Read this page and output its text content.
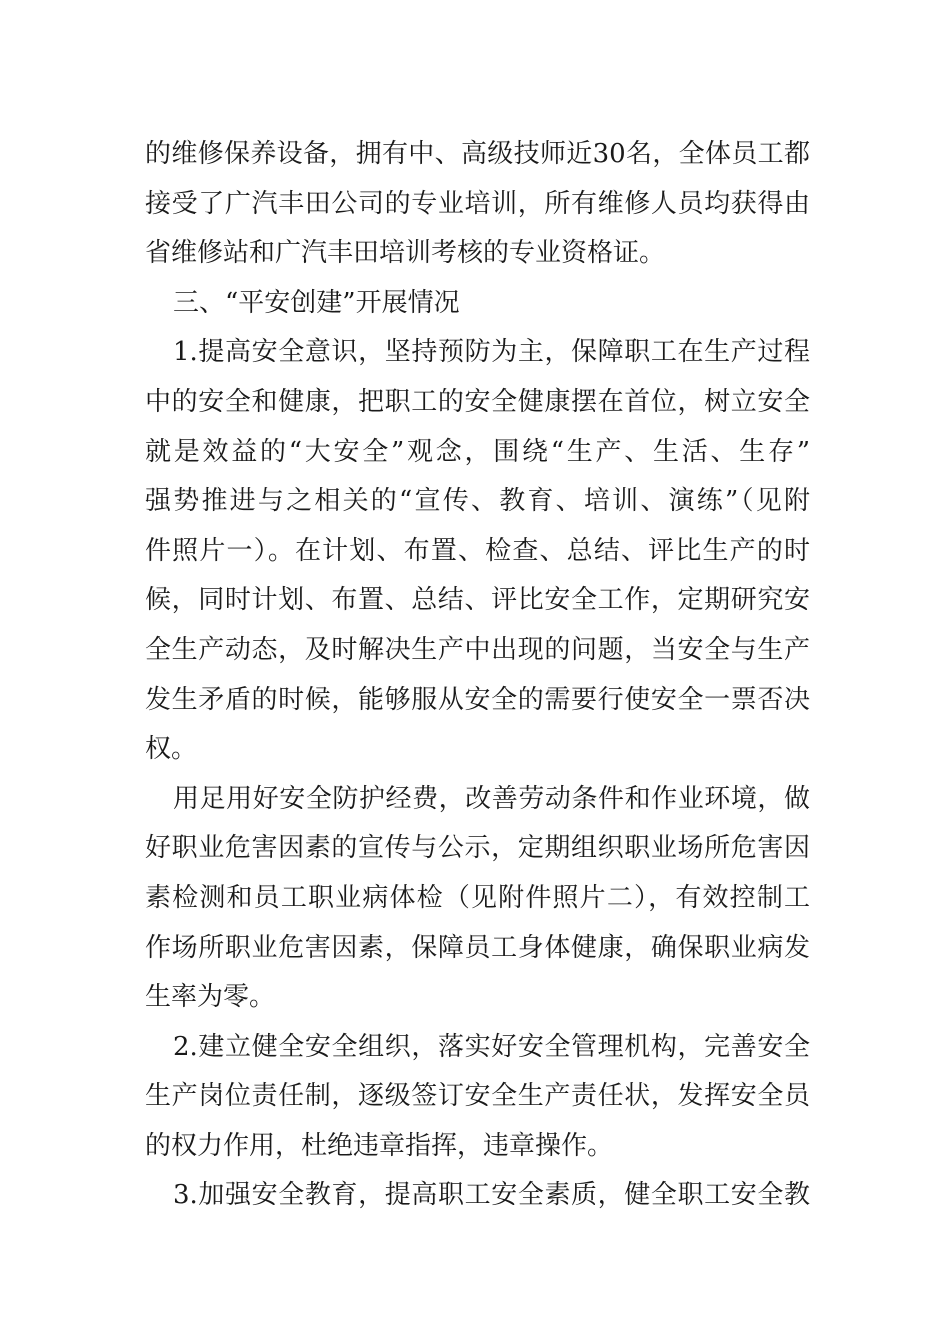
的维修保养设备，拥有中、高级技师近30名，全体员工都
接受了广汽丰田公司的专业培训，所有维修人员均获得由
省维修站和广汽丰田培训考核的专业资格证。
三、“平安创建”开展情况
1.提高安全意识，坚持预防为主，保障职工在生产过程
中的安全和健康，把职工的安全健康摆在首位，树立安全
就是效益的“大安全”观念，围绕“生产、生活、生存”
强势推进与之相关的“宣传、教育、培训、演练”（见附
件照片一）。在计划、布置、检查、总结、评比生产的时
候，同时计划、布置、总结、评比安全工作，定期研究安
全生产动态，及时解决生产中出现的问题，当安全与生产
发生矛盾的时候，能够服从安全的需要行使安全一票否决
权。
用足用好安全防护经费，改善劳动条件和作业环境，做
好职业危害因素的宣传与公示，定期组织职业场所危害因
素检测和员工职业病体检（见附件照片二），有效控制工
作场所职业危害因素，保障员工身体健康，确保职业病发
生率为零。
2.建立健全安全组织，落实好安全管理机构，完善安全
生产岗位责任制，逐级签订安全生产责任状，发挥安全员
的权力作用，杜绝违章指挥，违章操作。
3.加强安全教育，提高职工安全素质，健全职工安全教
